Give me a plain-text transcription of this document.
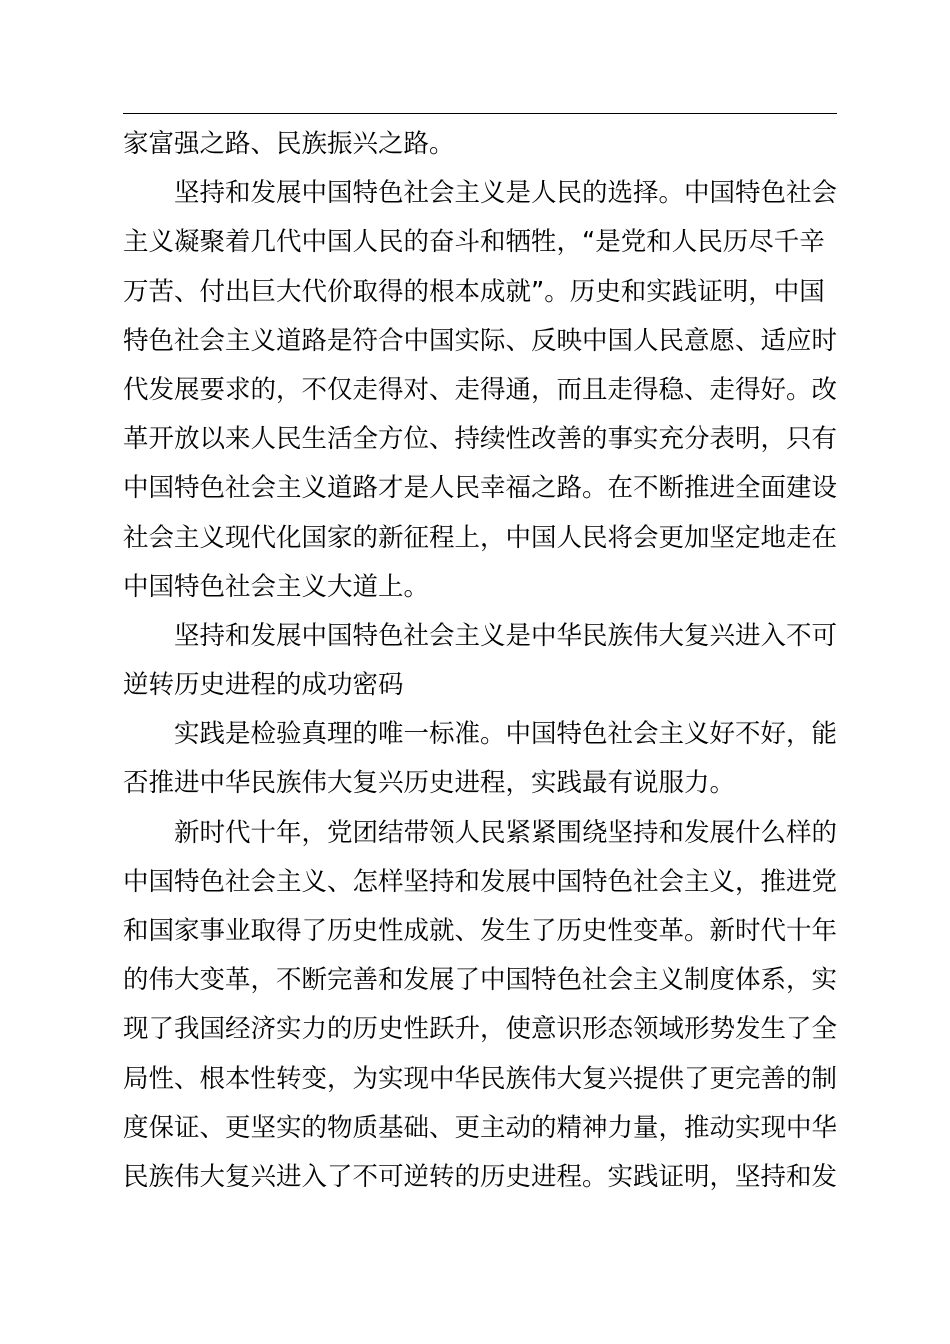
家富强之路、民族振兴之路。
坚持和发展中国特色社会主义是人民的选择。中国特色社会
主义凝聚着几代中国人民的奋斗和牺牲，“是党和人民历尽千辛
万苦、付出巨大代价取得的根本成就”。历史和实践证明，中国
特色社会主义道路是符合中国实际、反映中国人民意愿、适应时
代发展要求的，不仅走得对、走得通，而且走得稳、走得好。改
革开放以来人民生活全方位、持续性改善的事实充分表明，只有
中国特色社会主义道路才是人民幸福之路。在不断推进全面建设
社会主义现代化国家的新征程上，中国人民将会更加坚定地走在
中国特色社会主义大道上。
坚持和发展中国特色社会主义是中华民族伟大复兴进入不可
逆转历史进程的成功密码
实践是检验真理的唯一标准。中国特色社会主义好不好，能
否推进中华民族伟大复兴历史进程，实践最有说服力。
新时代十年，党团结带领人民紧紧围绕坚持和发展什么样的
中国特色社会主义、怎样坚持和发展中国特色社会主义，推进党
和国家事业取得了历史性成就、发生了历史性变革。新时代十年
的伟大变革，不断完善和发展了中国特色社会主义制度体系，实
现了我国经济实力的历史性跃升，使意识形态领域形势发生了全
局性、根本性转变，为实现中华民族伟大复兴提供了更完善的制
度保证、更坚实的物质基础、更主动的精神力量，推动实现中华
民族伟大复兴进入了不可逆转的历史进程。实践证明，坚持和发
